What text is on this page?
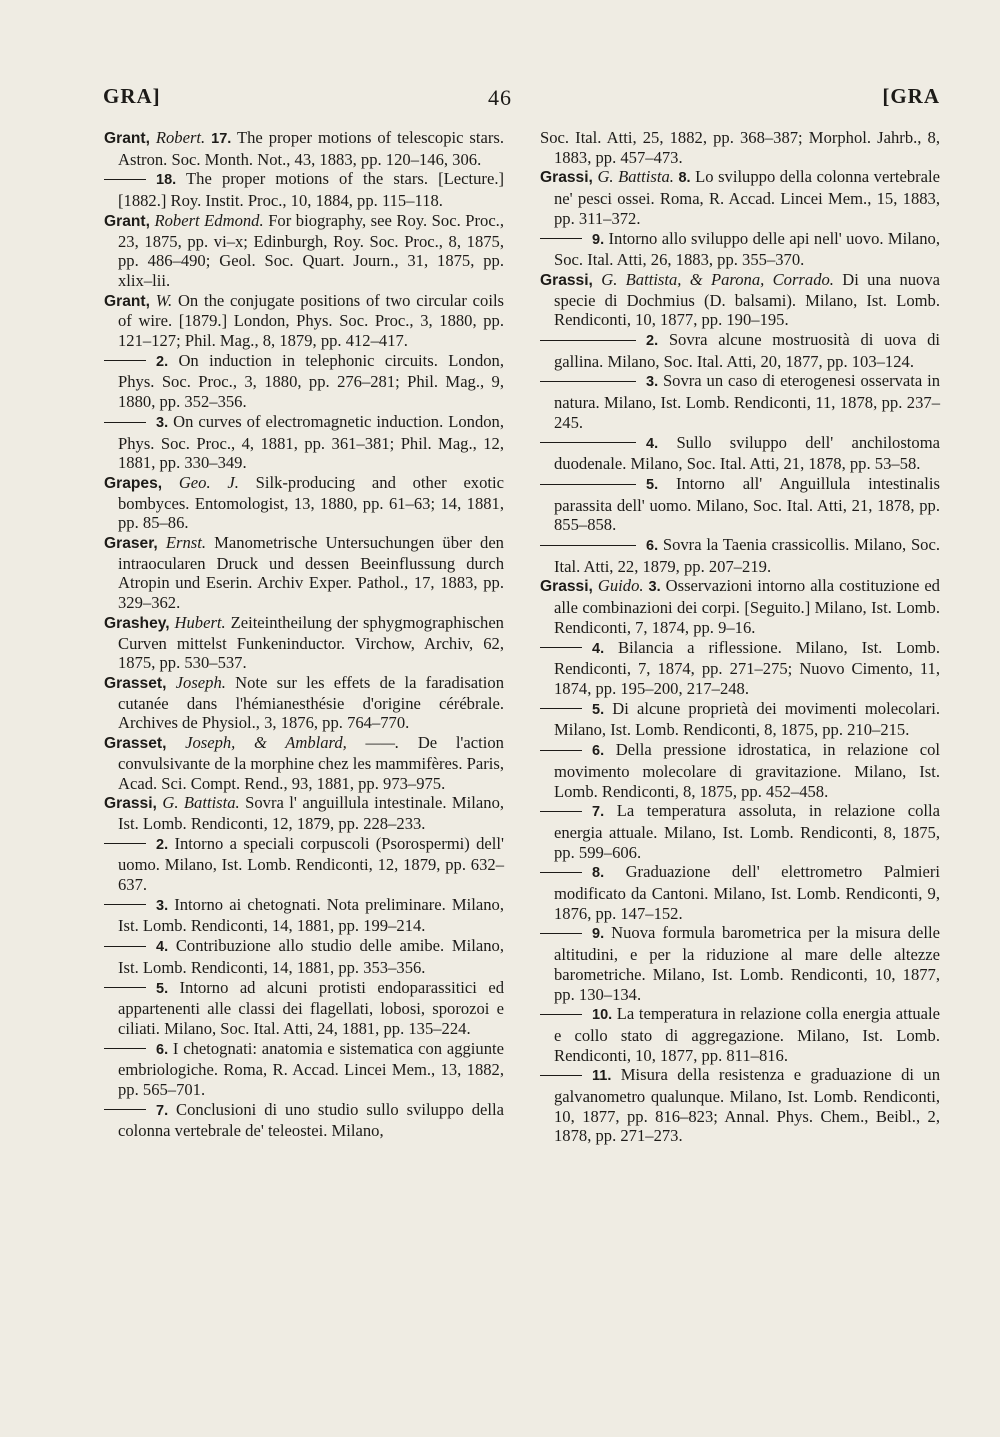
GRA]	46	[GRA

Grant, Robert. 17. The proper motions of telescopic stars. Astron. Soc. Month. Not., 43, 1883, pp. 120–146, 306.

18. The proper motions of the stars. [Lecture.] [1882.] Roy. Instit. Proc., 10, 1884, pp. 115–118.

Grant, Robert Edmond. For biography, see Roy. Soc. Proc., 23, 1875, pp. vi–x; Edinburgh, Roy. Soc. Proc., 8, 1875, pp. 486–490; Geol. Soc. Quart. Journ., 31, 1875, pp. xlix–lii.

Grant, W. On the conjugate positions of two circular coils of wire. [1879.] London, Phys. Soc. Proc., 3, 1880, pp. 121–127; Phil. Mag., 8, 1879, pp. 412–417.

2. On induction in telephonic circuits. London, Phys. Soc. Proc., 3, 1880, pp. 276–281; Phil. Mag., 9, 1880, pp. 352–356.

3. On curves of electromagnetic induction. London, Phys. Soc. Proc., 4, 1881, pp. 361–381; Phil. Mag., 12, 1881, pp. 330–349.

Grapes, Geo. J. Silk-producing and other exotic bombyces. Entomologist, 13, 1880, pp. 61–63; 14, 1881, pp. 85–86.

Graser, Ernst. Manometrische Untersuchungen über den intraocularen Druck und dessen Beeinflussung durch Atropin und Eserin. Archiv Exper. Pathol., 17, 1883, pp. 329–362.

Grashey, Hubert. Zeiteintheilung der sphygmographischen Curven mittelst Funkeninductor. Virchow, Archiv, 62, 1875, pp. 530–537.

Grasset, Joseph. Note sur les effets de la faradisation cutanée dans l'hémianesthésie d'origine cérébrale. Archives de Physiol., 3, 1876, pp. 764–770.

Grasset, Joseph, & Amblard, ——. De l'action convulsivante de la morphine chez les mammifères. Paris, Acad. Sci. Compt. Rend., 93, 1881, pp. 973–975.

Grassi, G. Battista. Sovra l' anguillula intestinale. Milano, Ist. Lomb. Rendiconti, 12, 1879, pp. 228–233.

2. Intorno a speciali corpuscoli (Psorospermi) dell' uomo. Milano, Ist. Lomb. Rendiconti, 12, 1879, pp. 632–637.

3. Intorno ai chetognati. Nota preliminare. Milano, Ist. Lomb. Rendiconti, 14, 1881, pp. 199–214.

4. Contribuzione allo studio delle amibe. Milano, Ist. Lomb. Rendiconti, 14, 1881, pp. 353–356.

5. Intorno ad alcuni protisti endoparassitici ed appartenenti alle classi dei flagellati, lobosi, sporozoi e ciliati. Milano, Soc. Ital. Atti, 24, 1881, pp. 135–224.

6. I chetognati: anatomia e sistematica con aggiunte embriologiche. Roma, R. Accad. Lincei Mem., 13, 1882, pp. 565–701.

7. Conclusioni di uno studio sullo sviluppo della colonna vertebrale de' teleostei. Milano,

Soc. Ital. Atti, 25, 1882, pp. 368–387; Morphol. Jahrb., 8, 1883, pp. 457–473.

Grassi, G. Battista. 8. Lo sviluppo della colonna vertebrale ne' pesci ossei. Roma, R. Accad. Lincei Mem., 15, 1883, pp. 311–372.

9. Intorno allo sviluppo delle api nell' uovo. Milano, Soc. Ital. Atti, 26, 1883, pp. 355–370.

Grassi, G. Battista, & Parona, Corrado. Di una nuova specie di Dochmius (D. balsami). Milano, Ist. Lomb. Rendiconti, 10, 1877, pp. 190–195.

2. Sovra alcune mostruosità di uova di gallina. Milano, Soc. Ital. Atti, 20, 1877, pp. 103–124.

3. Sovra un caso di eterogenesi osservata in natura. Milano, Ist. Lomb. Rendiconti, 11, 1878, pp. 237–245.

4. Sullo sviluppo dell' anchilostoma duodenale. Milano, Soc. Ital. Atti, 21, 1878, pp. 53–58.

5. Intorno all' Anguillula intestinalis parassita dell' uomo. Milano, Soc. Ital. Atti, 21, 1878, pp. 855–858.

6. Sovra la Taenia crassicollis. Milano, Soc. Ital. Atti, 22, 1879, pp. 207–219.

Grassi, Guido. 3. Osservazioni intorno alla costituzione ed alle combinazioni dei corpi. [Seguito.] Milano, Ist. Lomb. Rendiconti, 7, 1874, pp. 9–16.

4. Bilancia a riflessione. Milano, Ist. Lomb. Rendiconti, 7, 1874, pp. 271–275; Nuovo Cimento, 11, 1874, pp. 195–200, 217–248.

5. Di alcune proprietà dei movimenti molecolari. Milano, Ist. Lomb. Rendiconti, 8, 1875, pp. 210–215.

6. Della pressione idrostatica, in relazione col movimento molecolare di gravitazione. Milano, Ist. Lomb. Rendiconti, 8, 1875, pp. 452–458.

7. La temperatura assoluta, in relazione colla energia attuale. Milano, Ist. Lomb. Rendiconti, 8, 1875, pp. 599–606.

8. Graduazione dell' elettrometro Palmieri modificato da Cantoni. Milano, Ist. Lomb. Rendiconti, 9, 1876, pp. 147–152.

9. Nuova formula barometrica per la misura delle altitudini, e per la riduzione al mare delle altezze barometriche. Milano, Ist. Lomb. Rendiconti, 10, 1877, pp. 130–134.

10. La temperatura in relazione colla energia attuale e collo stato di aggregazione. Milano, Ist. Lomb. Rendiconti, 10, 1877, pp. 811–816.

11. Misura della resistenza e graduazione di un galvanometro qualunque. Milano, Ist. Lomb. Rendiconti, 10, 1877, pp. 816–823; Annal. Phys. Chem., Beibl., 2, 1878, pp. 271–273.
